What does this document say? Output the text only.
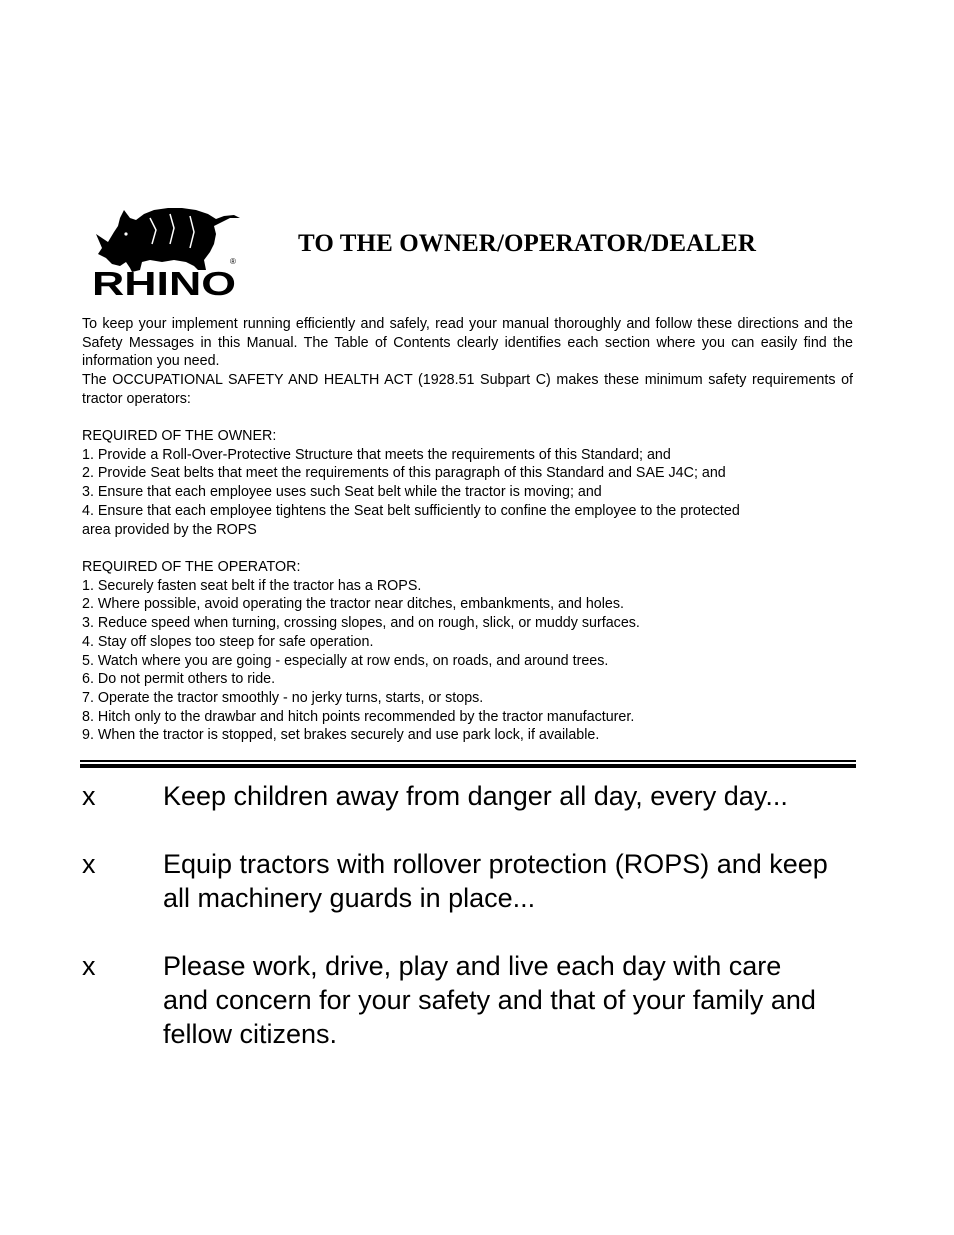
RHINO
®
TO THE OWNER/OPERATOR/DEALER

To keep your implement running efficiently and safely, read your manual thoroughly and follow these directions and the Safety Messages in this Manual. The Table of Contents clearly identifies each section where you can easily find the information you need.

The OCCUPATIONAL SAFETY AND HEALTH ACT (1928.51 Subpart C) makes these minimum safety requirements of tractor operators:

REQUIRED OF THE OWNER:
1. Provide a Roll-Over-Protective Structure that meets the requirements of this Standard; and
2. Provide Seat belts that meet the requirements of this paragraph of this Standard and SAE J4C; and
3. Ensure that each employee uses such Seat belt while the tractor is moving; and
4. Ensure that each employee tightens the Seat belt sufficiently to confine the employee to the protected
area provided by the ROPS
REQUIRED OF THE OPERATOR:
1. Securely fasten seat belt if the tractor has a ROPS.
2. Where possible, avoid operating the tractor near ditches, embankments, and holes.
3. Reduce speed when turning, crossing slopes, and on rough, slick, or muddy surfaces.
4. Stay off slopes too steep for safe operation.
5. Watch where you are going - especially at row ends, on roads, and around trees.
6. Do not permit others to ride.
7. Operate the tractor smoothly - no jerky turns, starts, or stops.
8. Hitch only to the drawbar and hitch points recommended by the tractor manufacturer.
9. When the tractor is stopped, set brakes securely and use park lock, if available.
x	Keep children away from danger all day, every day...
x	Equip tractors with rollover protection (ROPS) and keep
all machinery guards in place...
x	Please work, drive, play and live each day with care
and concern for your safety and that of your family and
fellow citizens.
